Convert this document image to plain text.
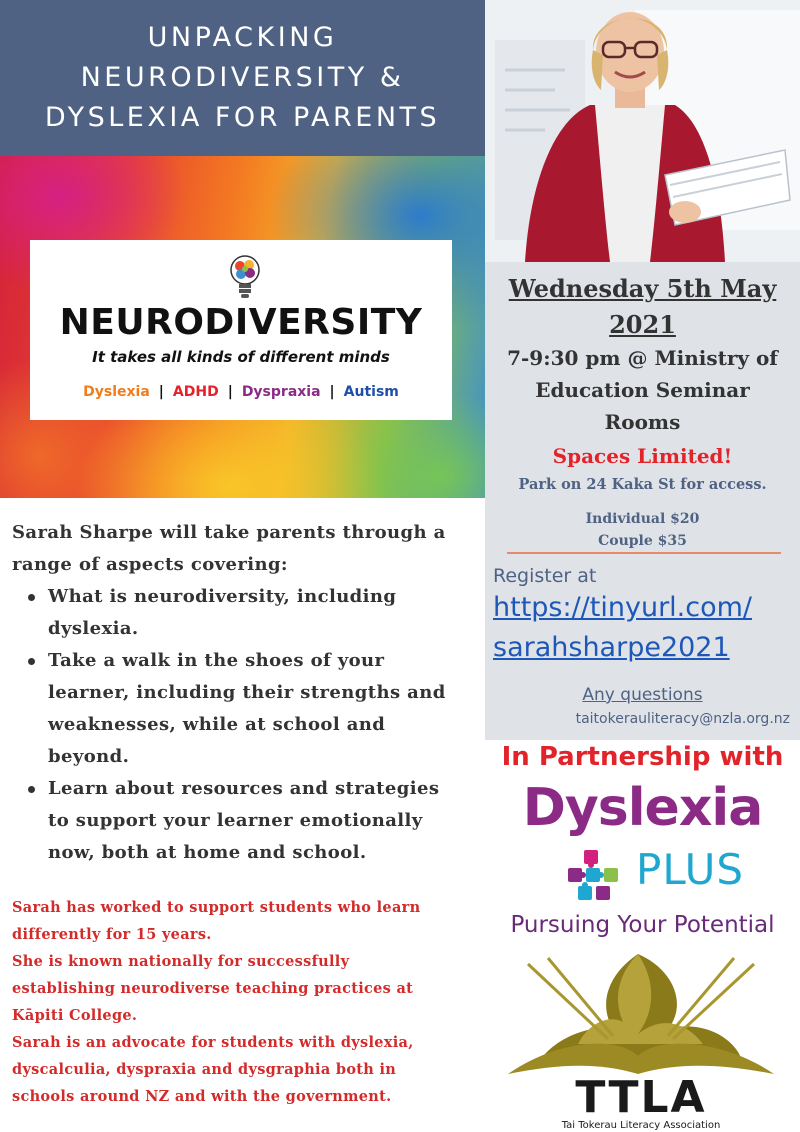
UNPACKING
NEURODIVERSITY &
DYSLEXIA FOR PARENTS
NEURODIVERSITY
It takes all kinds of different minds
Dyslexia | ADHD | Dyspraxia | Autism
Wednesday 5th May
2021
7-9:30 pm @ Ministry of
Education Seminar
Rooms
Spaces Limited!
Park on 24 Kaka St for access.
Individual $20
Couple $35
Register at
https://tinyurl.com/
sarahsharpe2021
Any questions
taitokerauliteracy@nzla.org.nz
Sarah Sharpe will take parents through a
range of aspects covering:
What is neurodiversity, including
dyslexia.
Take a walk in the shoes of your
learner, including their strengths and
weaknesses, while at school and
beyond.
Learn about resources and strategies
to support your learner emotionally
now, both at home and school.
Sarah has worked to support students who learn
differently for 15 years.
She is known nationally for successfully
establishing neurodiverse teaching practices at
Kāpiti College.
Sarah is an advocate for students with dyslexia,
dyscalculia, dyspraxia and dysgraphia both in
schools around NZ and with the government.
In Partnership with
Dyslexia
PLUS
Pursuing Your Potential
TTLA
Tai Tokerau Literacy Association
